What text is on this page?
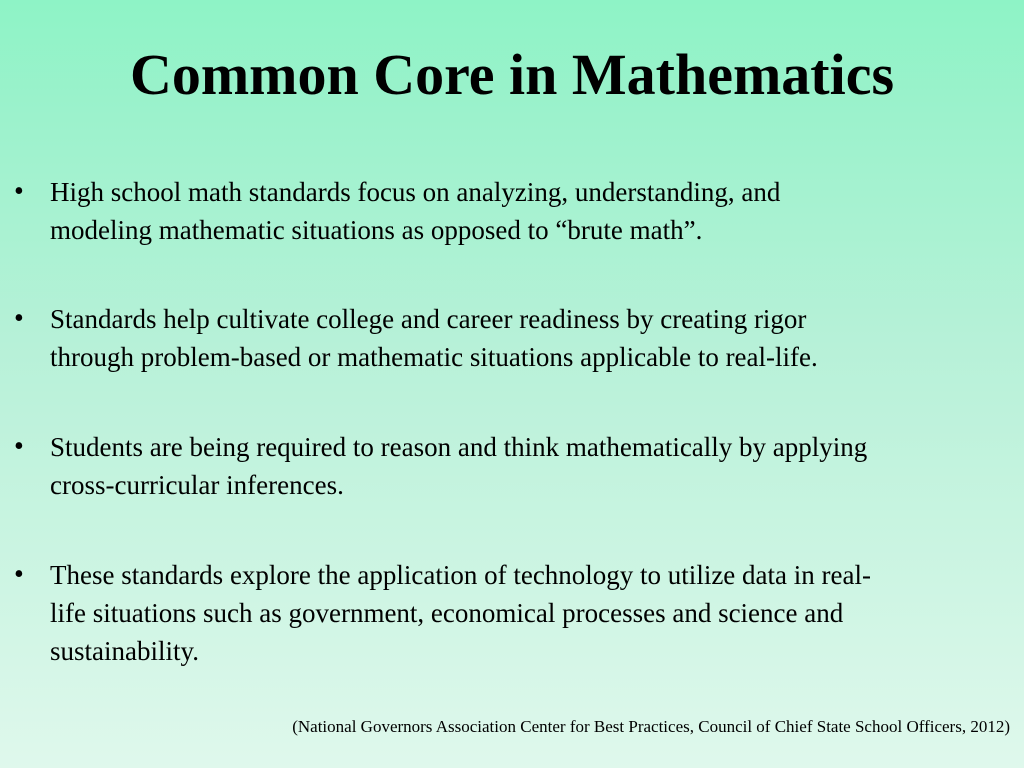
Common Core in Mathematics
• High school math standards focus on analyzing, understanding, and
modeling mathematic situations as opposed to “brute math”.

• Standards help cultivate college and career readiness by creating rigor
through problem-based or mathematic situations applicable to real-life.

• Students are being required to reason and think mathematically by applying
cross-curricular inferences.

• These standards explore the application of technology to utilize data in real-
life situations such as government, economical processes and science and
sustainability.

(National Governors Association Center for Best Practices, Council of Chief State School Officers, 2012)
